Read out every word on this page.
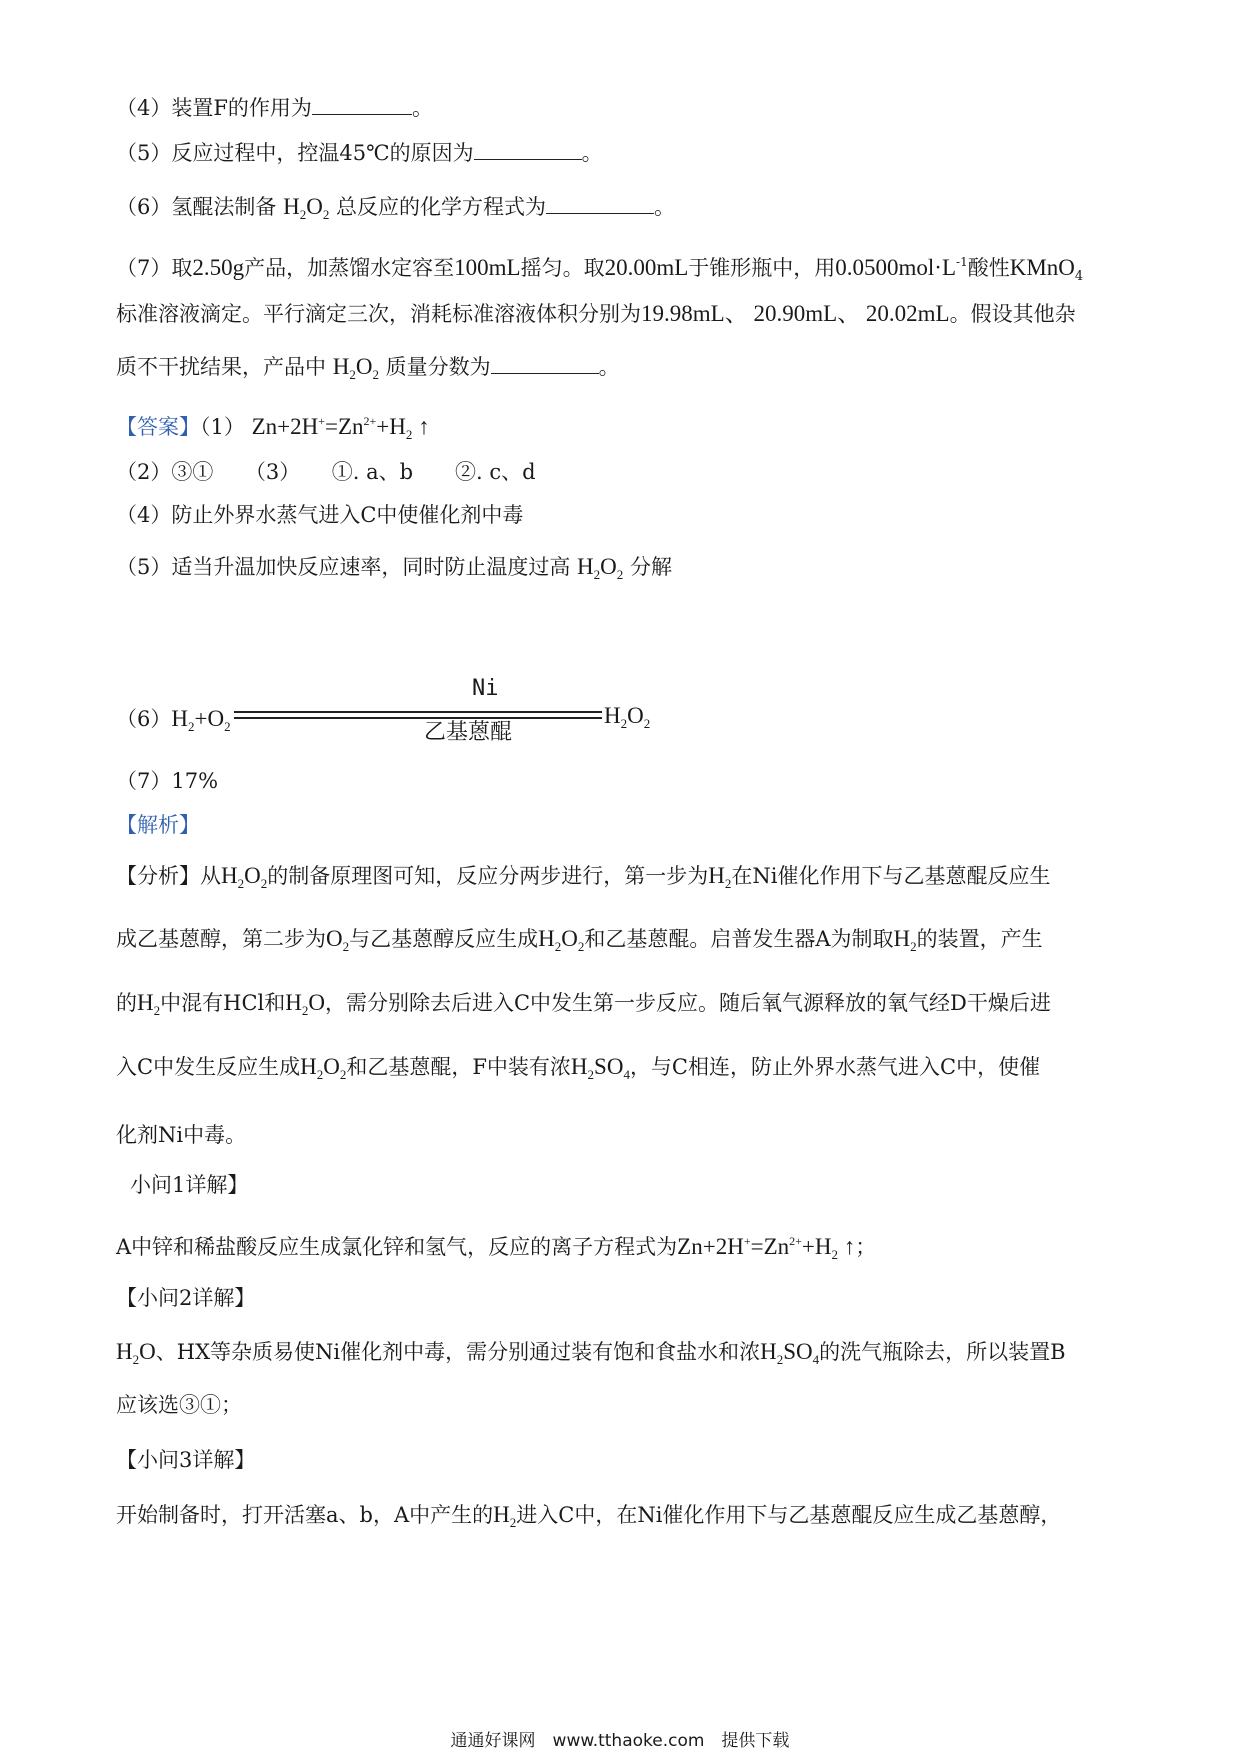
（4）装置F的作用为	。
（5）反应过程中，控温45℃的原因为	。
（6）氢醌法制备 $H_2O_2$ 总反应的化学方程式为	。
（7）取2.50g产品，加蒸馏水定容至100mL摇匀。取20.00mL于锥形瓶中，用$0.0500mol\cdot L^{-1}$酸性KMnO$_4$
标准溶液滴定。平行滴定三次，消耗标准溶液体积分别为19.98mL、 20.90mL、 20.02mL。假设其他杂
质不干扰结果，产品中 $H_2O_2$ 质量分数为	。
【答案】（1） $Zn+2H^+=Zn^{2+}+H_2$ ↑
（2）③①　　（3）　　①. a、b　　②. c、d
（4）防止外界水蒸气进入C中使催化剂中毒
（5）适当升温加快反应速率，同时防止温度过高 $H_2O_2$ 分解
$(6)H_2+O_2$
Ni
乙基蒽醌
$H_2O_2$
（7）17%
【解析】
【分析】从$H_2O_2$的制备原理图可知，反应分两步进行，第一步为$H_2$在Ni催化作用下与乙基蒽醌反应生
成乙基蒽醇，第二步为$O_2$与乙基蒽醇反应生成$H_2O_2$和乙基蒽醌。启普发生器A为制取$H_2$的装置，产生
的$H_2$中混有HCl和$H_2O$，需分别除去后进入C中发生第一步反应。随后氧气源释放的氧气经D干燥后进
入C中发生反应生成$H_2O_2$和乙基蒽醌，F中装有浓$H_2SO_4$，与C相连，防止外界水蒸气进入C中，使催
化剂Ni中毒。
小问1详解】
A中锌和稀盐酸反应生成氯化锌和氢气，反应的离子方程式为$Zn+2H^+=Zn^{2+}+H_2$ ↑；
【小问2详解】
$H_2O$、HX等杂质易使Ni催化剂中毒，需分别通过装有饱和食盐水和浓$H_2SO_4$的洗气瓶除去，所以装置B
应该选③①；
【小问3详解】
开始制备时，打开活塞a、b，A中产生的$H_2$进入C中，在Ni催化作用下与乙基蒽醌反应生成乙基蒽醇，
通通好课网　www.tthaoke.com　提供下载
